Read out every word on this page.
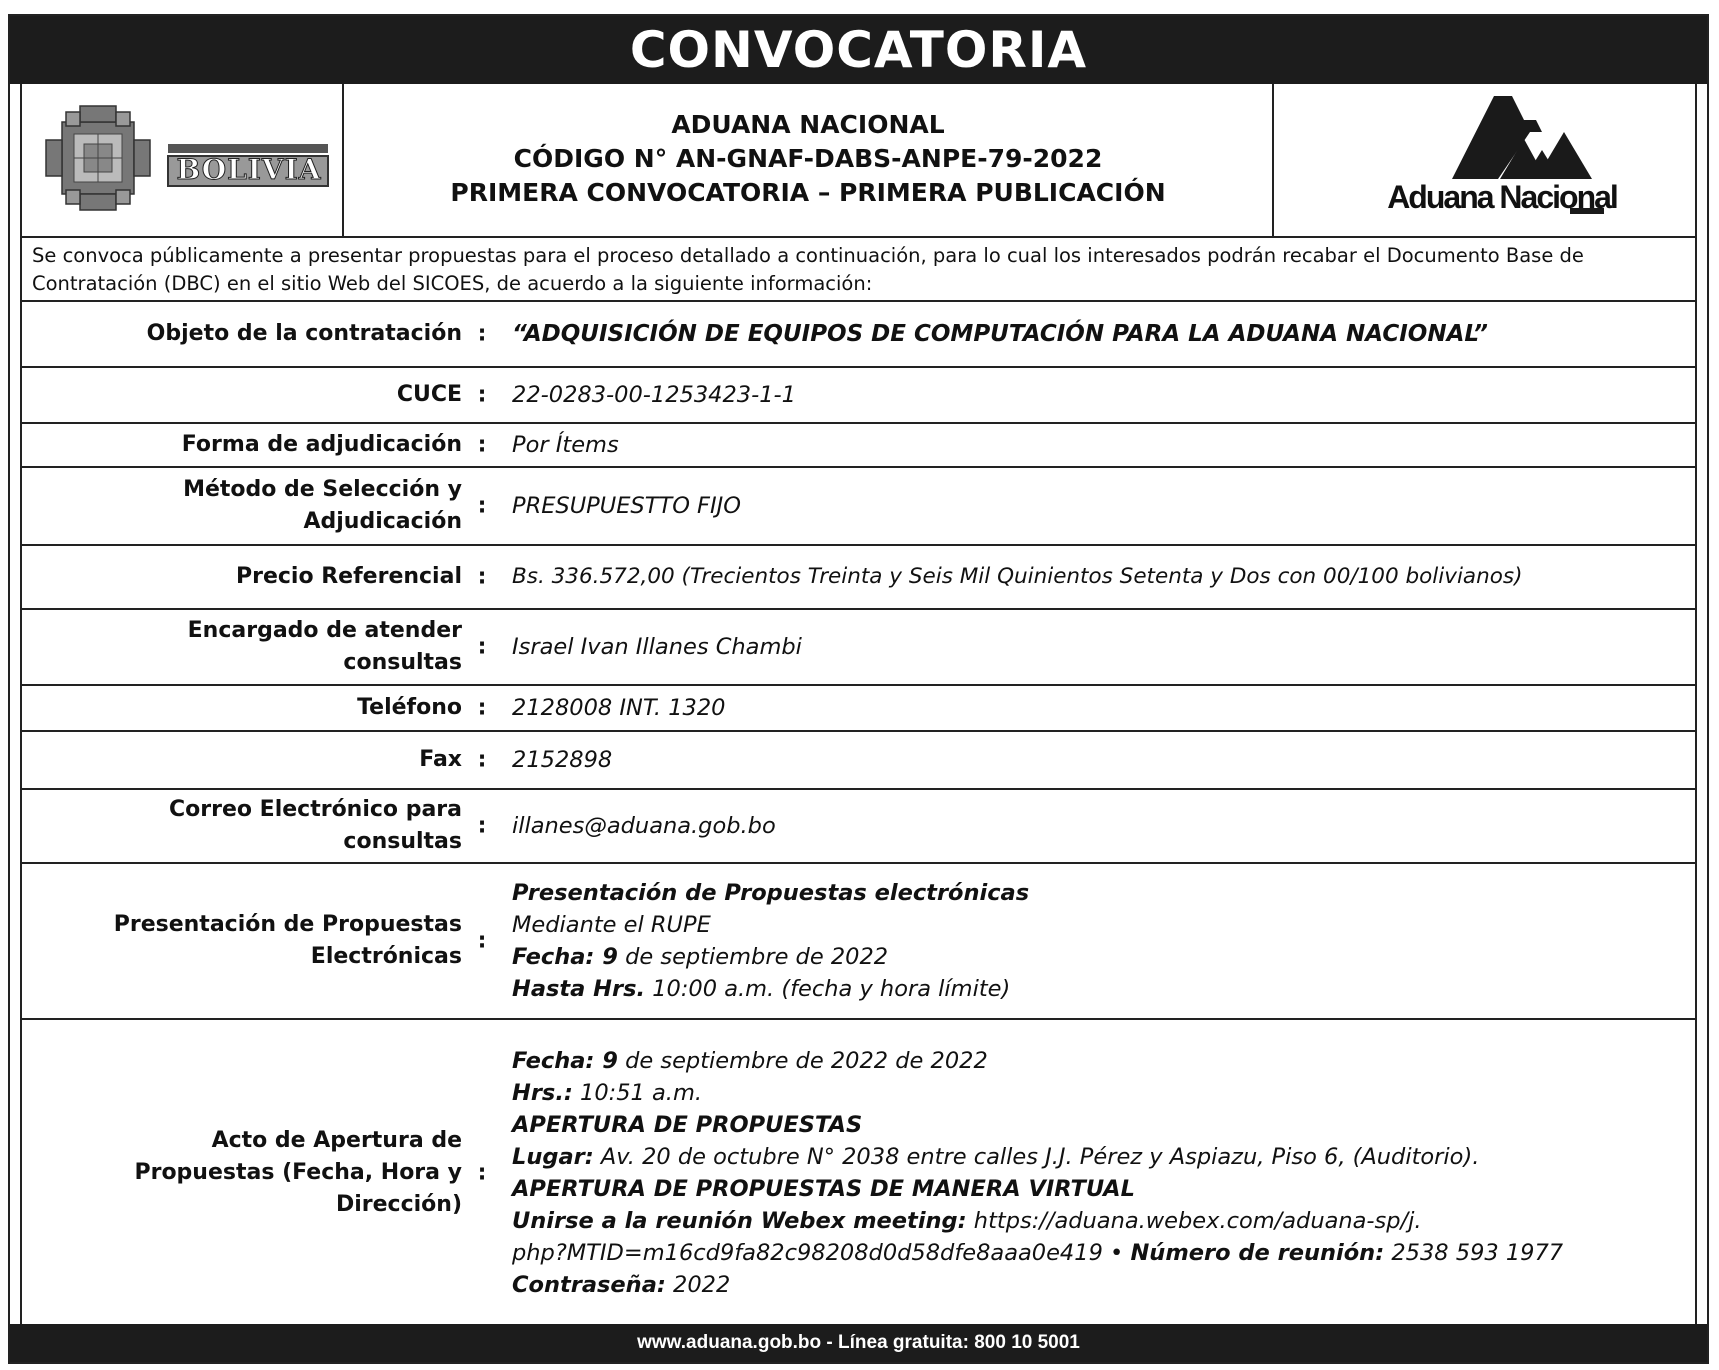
CONVOCATORIA
BOLIVIA
ADUANA NACIONAL
CÓDIGO N° AN-GNAF-DABS-ANPE-79-2022
PRIMERA CONVOCATORIA – PRIMERA PUBLICACIÓN	Aduana Nacional
Se convoca públicamente a presentar propuestas para el proceso detallado a continuación, para lo cual los interesados podrán recabar el Documento Base de Contratación (DBC) en el sitio Web del SICOES, de acuerdo a la siguiente información:
Objeto de la contratación : “ADQUISICIÓN DE EQUIPOS DE COMPUTACIÓN PARA LA ADUANA NACIONAL”
CUCE : 22-0283-00-1253423-1-1
Forma de adjudicación : Por Ítems
Método de Selección y
Adjudicación
: PRESUPUESTTO FIJO
Precio Referencial : Bs. 336.572,00 (Trecientos Treinta y Seis Mil Quinientos Setenta y Dos con 00/100 bolivianos)
Encargado de atender
consultas
: Israel Ivan Illanes Chambi
Teléfono : 2128008 INT. 1320
Fax : 2152898
Correo Electrónico para
consultas
: illanes@aduana.gob.bo
Presentación de Propuestas
Electrónicas
:
Presentación de Propuestas electrónicas
Mediante el RUPE
Fecha: 9 de septiembre de 2022
Hasta Hrs. 10:00 a.m. (fecha y hora límite)
Acto de Apertura de
Propuestas (Fecha, Hora y
Dirección)
:
Fecha: 9 de septiembre de 2022 de 2022
Hrs.: 10:51 a.m.
APERTURA DE PROPUESTAS
Lugar: Av. 20 de octubre N° 2038 entre calles J.J. Pérez y Aspiazu, Piso 6, (Auditorio).
APERTURA DE PROPUESTAS DE MANERA VIRTUAL
Unirse a la reunión Webex meeting: https://aduana.webex.com/aduana-sp/j.
php?MTID=m16cd9fa82c98208d0d58dfe8aaa0e419 • Número de reunión: 2538 593 1977
Contraseña: 2022
www.aduana.gob.bo - Línea gratuita: 800 10 5001
